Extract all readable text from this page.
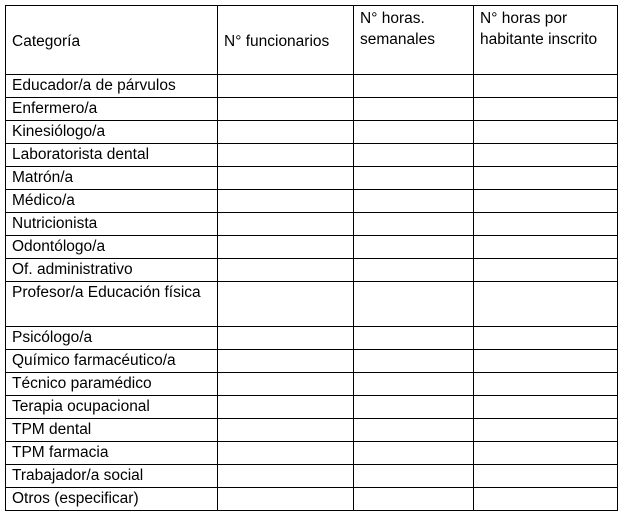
Categoría	N° funcionarios	N° horas. semanales	N° horas por habitante inscrito
Educador/a de párvulos			
Enfermero/a			
Kinesiólogo/a			
Laboratorista dental			
Matrón/a			
Médico/a			
Nutricionista			
Odontólogo/a			
Of. administrativo			
Profesor/a Educación física			
Psicólogo/a			
Químico farmacéutico/a			
Técnico paramédico			
Terapia ocupacional			
TPM dental			
TPM farmacia			
Trabajador/a social			
Otros (especificar)			
